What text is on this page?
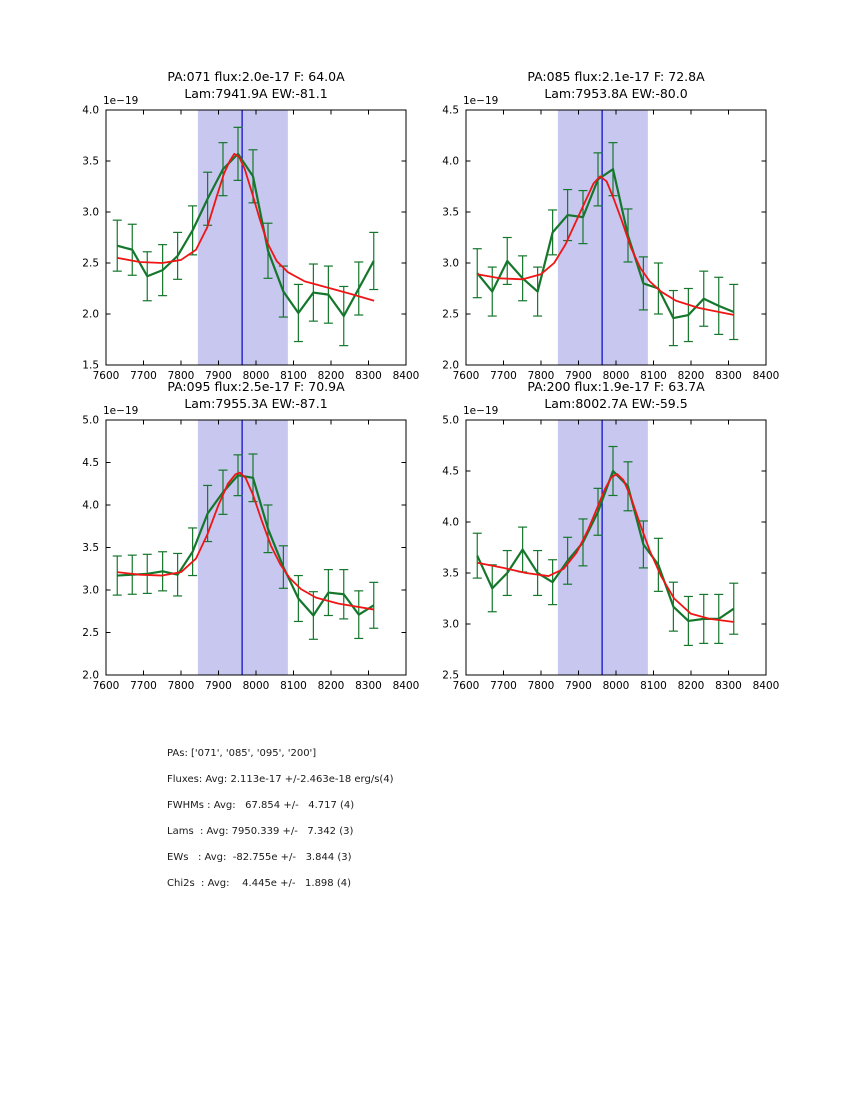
PA:071 flux:2.0e-17 F: 64.0A
Lam:7941.9A EW:-81.1
PA:085 flux:2.1e-17 F: 72.8A
Lam:7953.8A EW:-80.0
PA:095 flux:2.5e-17 F: 70.9A
Lam:7955.3A EW:-87.1
PA:200 flux:1.9e-17 F: 63.7A
Lam:8002.7A EW:-59.5
7600 7700 7800 7900 8000 8100 8200 8300 8400
1.5
2.0
2.5
3.0
3.5
4.0
1e−19
7600 7700 7800 7900 8000 8100 8200 8300 8400
2.0
2.5
3.0
3.5
4.0
4.5
1e−19
7600 7700 7800 7900 8000 8100 8200 8300 8400
2.0
2.5
3.0
3.5
4.0
4.5
5.0
1e−19
7600 7700 7800 7900 8000 8100 8200 8300 8400
2.5
3.0
3.5
4.0
4.5
5.0
1e−19
PAs: ['071', '085', '095', '200']
Fluxes: Avg: 2.113e-17 +/-2.463e-18 erg/s(4)
FWHMs : Avg:   67.854 +/-   4.717 (4)
Lams  : Avg: 7950.339 +/-   7.342 (3)
EWs   : Avg:  -82.755e +/-   3.844 (3)
Chi2s  : Avg:    4.445e +/-   1.898 (4)
